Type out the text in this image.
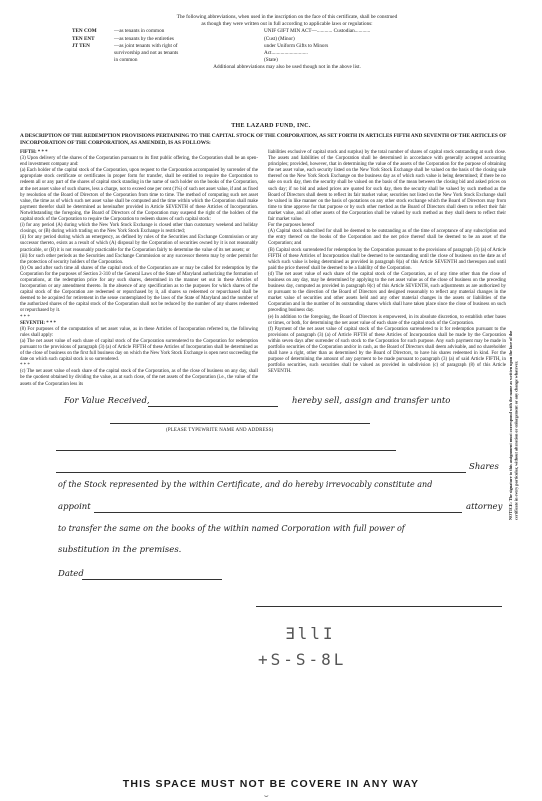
The following abbreviations, when used in the inscription on the face of this certificate, shall be construed
as though they were written out in full according to applicable laws or regulations:
TEN COM	—as tenants in common	UNIF GIFT MIN ACT—............ Custodian............
TEN ENT	—as tenants by the entireties	(Cust) (Minor)
JT TEN	—as joint tenants with right of	under Uniform Gifts to Minors
survivorship and not as tenants	Act............................
in common	(State)
Additional abbreviations may also be used though not in the above list.
THE LAZARD FUND, INC.
A DESCRIPTION OF THE REDEMPTION PROVISIONS PERTAINING TO THE CAPITAL STOCK OF THE CORPORATION, AS SET FORTH IN ARTICLES FIFTH AND SEVENTH OF THE ARTICLES OF INCORPORATION OF THE CORPORATION, AS AMENDED, IS AS FOLLOWS:

FIFTH: * * *

(3) Upon delivery of the shares of the Corporation pursuant to its first public offering, the Corporation shall be an open-end investment company and:

(a) Each holder of the capital stock of the Corporation, upon request to the Corporation accompanied by surrender of the appropriate stock certificate or certificates in proper form for transfer, shall be entitled to require the Corporation to redeem all or any part of the shares of capital stock standing in the name of such holder on the books of the Corporation, at the net asset value of such shares, less a charge, not to exceed one per cent (1%) of such net asset value, if and as fixed by resolution of the Board of Directors of the Corporation from time to time. The method of computing such net asset value, the time as of which such net asset value shall be computed and the time within which the Corporation shall make payment therefor shall be determined as hereinafter provided in Article SEVENTH of these Articles of Incorporation. Notwithstanding the foregoing, the Board of Directors of the Corporation may suspend the right of the holders of the capital stock of the Corporation to require the Corporation to redeem shares of such capital stock:

(i) for any period (A) during which the New York Stock Exchange is closed other than customary weekend and holiday closings, or (B) during which trading on the New York Stock Exchange is restricted;

(ii) for any period during which an emergency, as defined by rules of the Securities and Exchange Commission or any successor thereto, exists as a result of which (A) disposal by the Corporation of securities owned by it is not reasonably practicable, or (B) it is not reasonably practicable for the Corporation fairly to determine the value of its net assets; or

(iii) for such other periods as the Securities and Exchange Commission or any successor thereto may by order permit for the protection of security holders of the Corporation.

(b) On and after such time all shares of the capital stock of the Corporation are or may be called for redemption by the Corporation for the purposes of Section 2-310 of the General Laws of the State of Maryland authorizing the formation of corporations, at the redemption price for any such shares, determined in the manner set out in these Articles of Incorporation or any amendment thereto. In the absence of any specification as to the purposes for which shares of the capital stock of the Corporation are redeemed or repurchased by it, all shares so redeemed or repurchased shall be deemed to be acquired for retirement in the sense contemplated by the laws of the State of Maryland and the number of the authorized shares of the capital stock of the Corporation shall not be reduced by the number of any shares redeemed or repurchased by it.

* * *

SEVENTH: * * *

(8) For purposes of the computation of net asset value, as in these Articles of Incorporation referred to, the following rules shall apply:

(a) The net asset value of each share of capital stock of the Corporation surrendered to the Corporation for redemption pursuant to the provisions of paragraph (3) (a) of Article FIFTH of these Articles of Incorporation shall be determined as of the close of business on the first full business day on which the New York Stock Exchange is open next succeeding the date on which such capital stock is so surrendered.

* * *

(c) The net asset value of each share of the capital stock of the Corporation, as of the close of business on any day, shall be the quotient obtained by dividing the value, as at such close, of the net assets of the Corporation (i.e., the value of the assets of the Corporation less its

liabilities exclusive of capital stock and surplus) by the total number of shares of capital stock outstanding at such close. The assets and liabilities of the Corporation shall be determined in accordance with generally accepted accounting principles; provided, however, that in determining the value of the assets of the Corporation for the purpose of obtaining the net asset value, each security listed on the New York Stock Exchange shall be valued on the basis of the closing sale thereof on the New York Stock Exchange on the business day as of which such value is being determined; if there be no sale on such day, then the security shall be valued on the basis of the mean between the closing bid and asked prices on such day; if no bid and asked prices are quoted for such day, then the security shall be valued by such method as the Board of Directors shall deem to reflect its fair market value; securities not listed on the New York Stock Exchange shall be valued in like manner on the basis of quotations on any other stock exchange which the Board of Directors may from time to time approve for that purpose or by such other method as the Board of Directors shall deem to reflect their fair market value, and all other assets of the Corporation shall be valued by such method as they shall deem to reflect their fair market value.

For the purposes hereof

(A) Capital stock subscribed for shall be deemed to be outstanding as of the time of acceptance of any subscription and the entry thereof on the books of the Corporation and the net price thereof shall be deemed to be an asset of the Corporation; and

(B) Capital stock surrendered for redemption by the Corporation pursuant to the provisions of paragraph (3) (a) of Article FIFTH of these Articles of Incorporation shall be deemed to be outstanding until the close of business on the date as of which such value is being determined as provided in paragraph 8(a) of this Article SEVENTH and thereupon and until paid the price thereof shall be deemed to be a liability of the Corporation.

(d) The net asset value of each share of the capital stock of the Corporation, as of any time other than the close of business on any day, may be determined by applying to the net asset value as of the close of business on the preceding business day, computed as provided in paragraph 8(c) of this Article SEVENTH, such adjustments as are authorized by or pursuant to the direction of the Board of Directors and designed reasonably to reflect any material changes in the market value of securities and other assets held and any other material changes in the assets or liabilities of the Corporation and in the number of its outstanding shares which shall have taken place since the close of business on such preceding business day.

(e) In addition to the foregoing, the Board of Directors is empowered, in its absolute discretion, to establish other bases or times, or both, for determining the net asset value of each share of the capital stock of the Corporation.

(f) Payment of the net asset value of capital stock of the Corporation surrendered to it for redemption pursuant to the provisions of paragraph (3) (a) of Article FIFTH of these Articles of Incorporation shall be made by the Corporation within seven days after surrender of such stock to the Corporation for such purpose. Any such payment may be made in portfolio securities of the Corporation and/or in cash, as the Board of Directors shall deem advisable, and no shareholder shall have a right, other than as determined by the Board of Directors, to have his shares redeemed in kind. For the purpose of determining the amount of any payment to be made pursuant to paragraph (3) (a) of said Article FIFTH, in portfolio securities, such securities shall be valued as provided in subdivision (c) of paragraph (8) of this Article SEVENTH.	NOTICE: The signature to this assignment must correspond with the name as written upon the face of the certificate in every particular, without alteration or enlargement or any change whatever.
For Value Received,	hereby sell, assign and transfer unto
(PLEASE TYPEWRITE NAME AND ADDRESS)
Shares
of the Stock represented by the within Certificate, and do hereby irrevocably constitute and
appoint	attorney
to transfer the same on the books of the within named Corporation with full power of
substitution in the premises.
Dated
ƎllI
+S-S-8L
THIS SPACE MUST NOT BE COVERE IN ANY WAY
⌣
